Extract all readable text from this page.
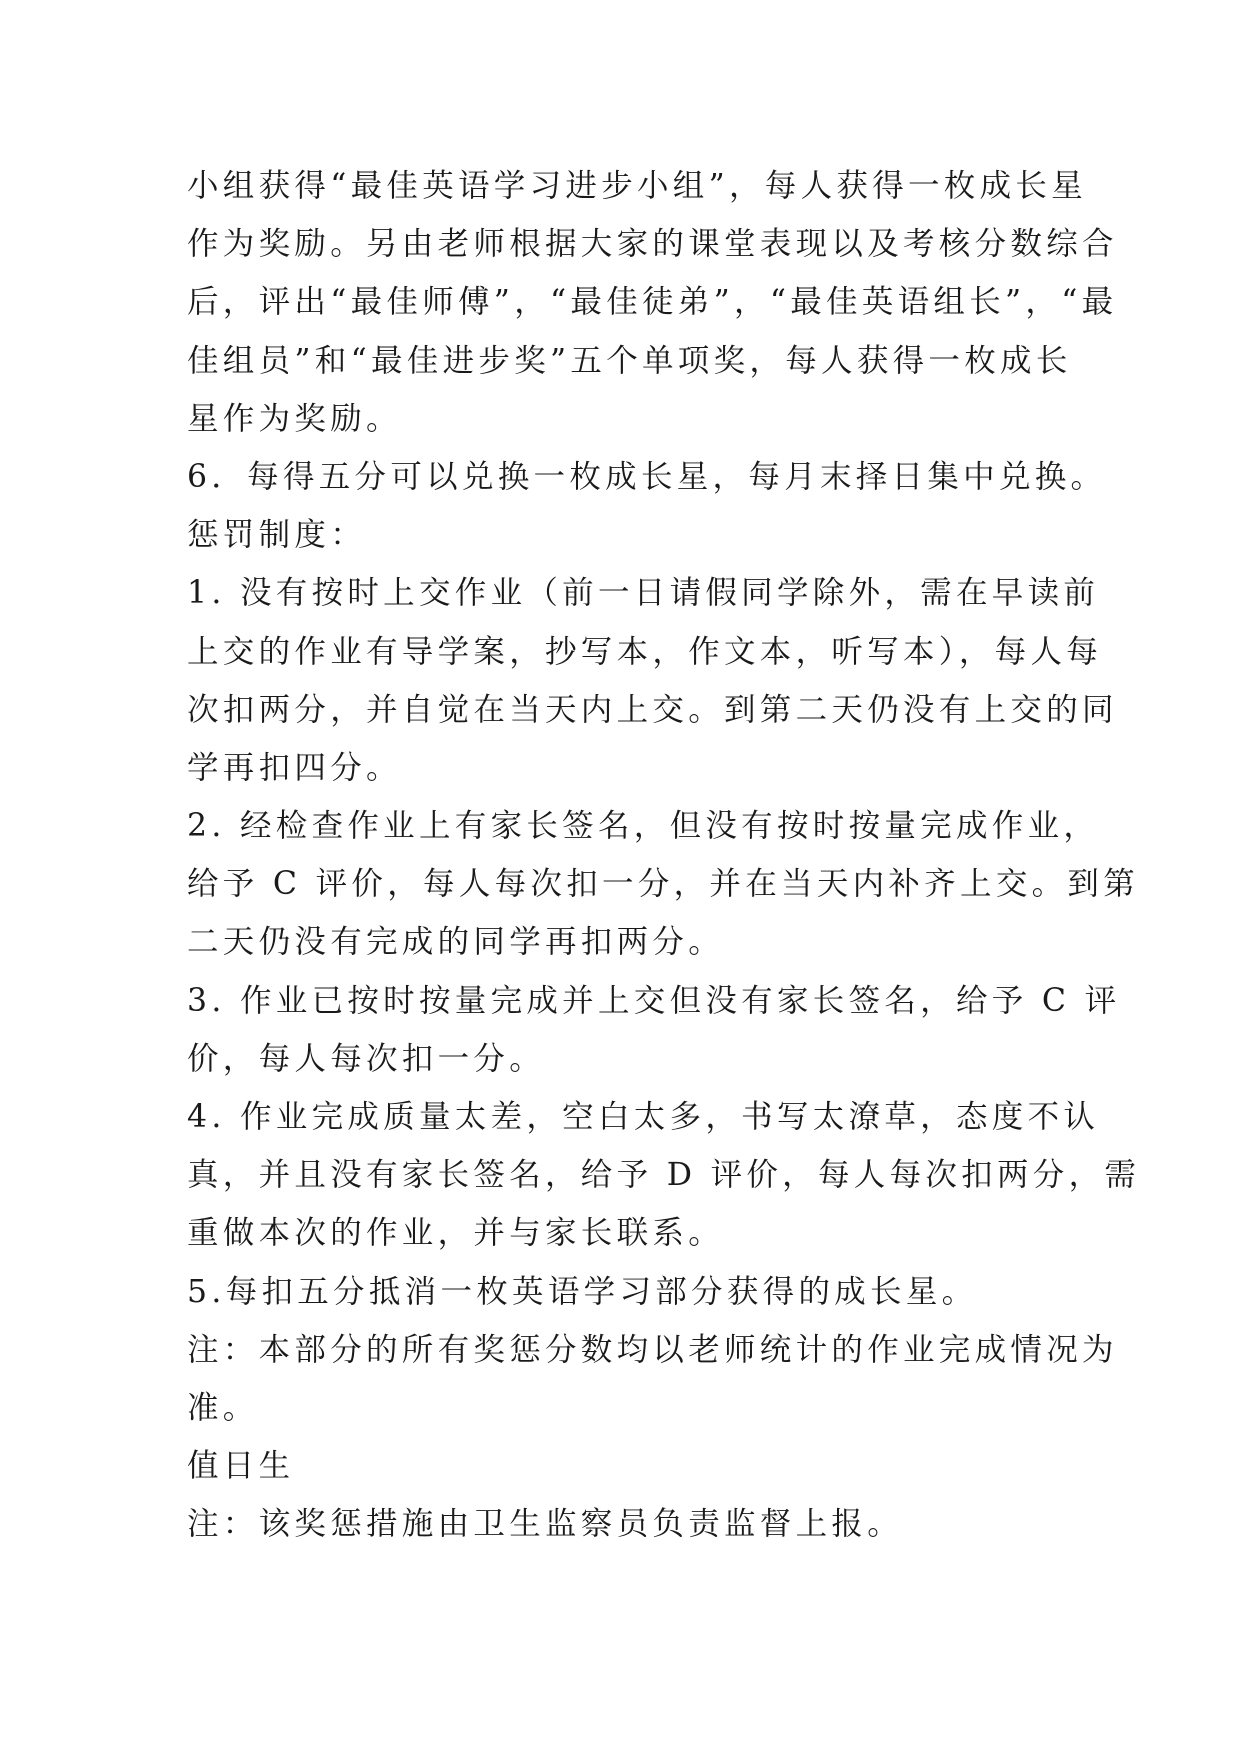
小组获得“最佳英语学习进步小组”，每人获得一枚成长星
作为奖励。另由老师根据大家的课堂表现以及考核分数综合
后，评出“最佳师傅”，“最佳徒弟”，“最佳英语组长”，“最
佳组员”和“最佳进步奖”五个单项奖，每人获得一枚成长
星作为奖励。
6．每得五分可以兑换一枚成长星，每月末择日集中兑换。
惩罚制度：
1. 没有按时上交作业（前一日请假同学除外，需在早读前
上交的作业有导学案，抄写本，作文本，听写本），每人每
次扣两分，并自觉在当天内上交。到第二天仍没有上交的同
学再扣四分。
2. 经检查作业上有家长签名，但没有按时按量完成作业，
给予 C 评价，每人每次扣一分，并在当天内补齐上交。到第
二天仍没有完成的同学再扣两分。
3. 作业已按时按量完成并上交但没有家长签名，给予 C 评
价，每人每次扣一分。
4. 作业完成质量太差，空白太多，书写太潦草，态度不认
真，并且没有家长签名，给予 D 评价，每人每次扣两分，需
重做本次的作业，并与家长联系。
5.每扣五分抵消一枚英语学习部分获得的成长星。
注：本部分的所有奖惩分数均以老师统计的作业完成情况为
准。
值日生
注：该奖惩措施由卫生监察员负责监督上报。
